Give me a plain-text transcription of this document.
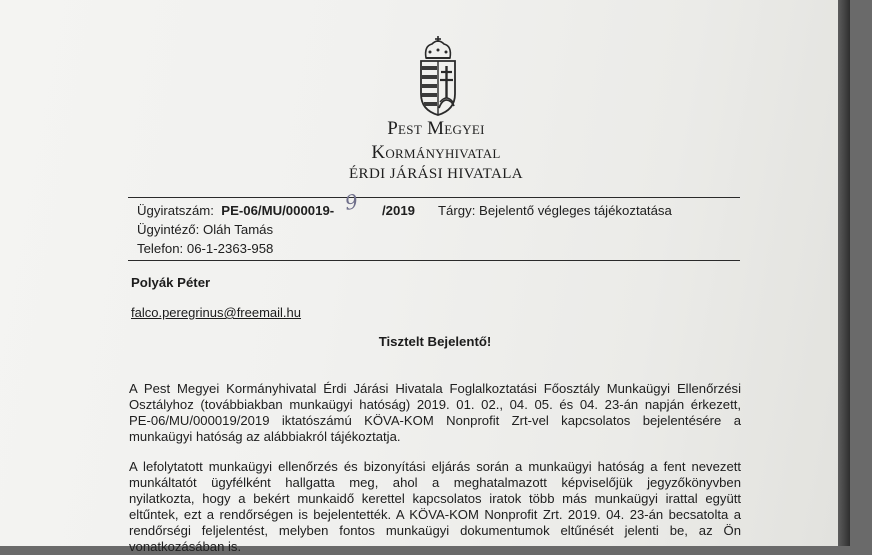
Pest Megyei
Kormányhivatal
ÉRDI JÁRÁSI HIVATALA
Ügyiratszám: PE-06/MU/000019- 9 /2019 Tárgy: Bejelentő végleges tájékoztatása
Ügyintéző: Oláh Tamás
Telefon: 06-1-2363-958
Polyák Péter
falco.peregrinus@freemail.hu
Tisztelt Bejelentő!
A Pest Megyei Kormányhivatal Érdi Járási Hivatala Foglalkoztatási Főosztály Munkaügyi Ellenőrzési
Osztályhoz (továbbiakban munkaügyi hatóság) 2019. 01. 02., 04. 05. és 04. 23-án napján érkezett,
PE-06/MU/000019/2019 iktatószámú KÖVA-KOM Nonprofit Zrt-vel kapcsolatos bejelentésére a
munkaügyi hatóság az alábbiakról tájékoztatja.
A lefolytatott munkaügyi ellenőrzés és bizonyítási eljárás során a munkaügyi hatóság a fent nevezett
munkáltatót ügyfélként hallgatta meg, ahol a meghatalmazott képviselőjük jegyzőkönyvben
nyilatkozta, hogy a bekért munkaidő kerettel kapcsolatos iratok több más munkaügyi irattal együtt
eltűntek, ezt a rendőrségen is bejelentették. A KÖVA-KOM Nonprofit Zrt. 2019. 04. 23-án becsatolta a
rendőrségi feljelentést, melyben fontos munkaügyi dokumentumok eltűnését jelenti be, az Ön
vonatkozásában is.
